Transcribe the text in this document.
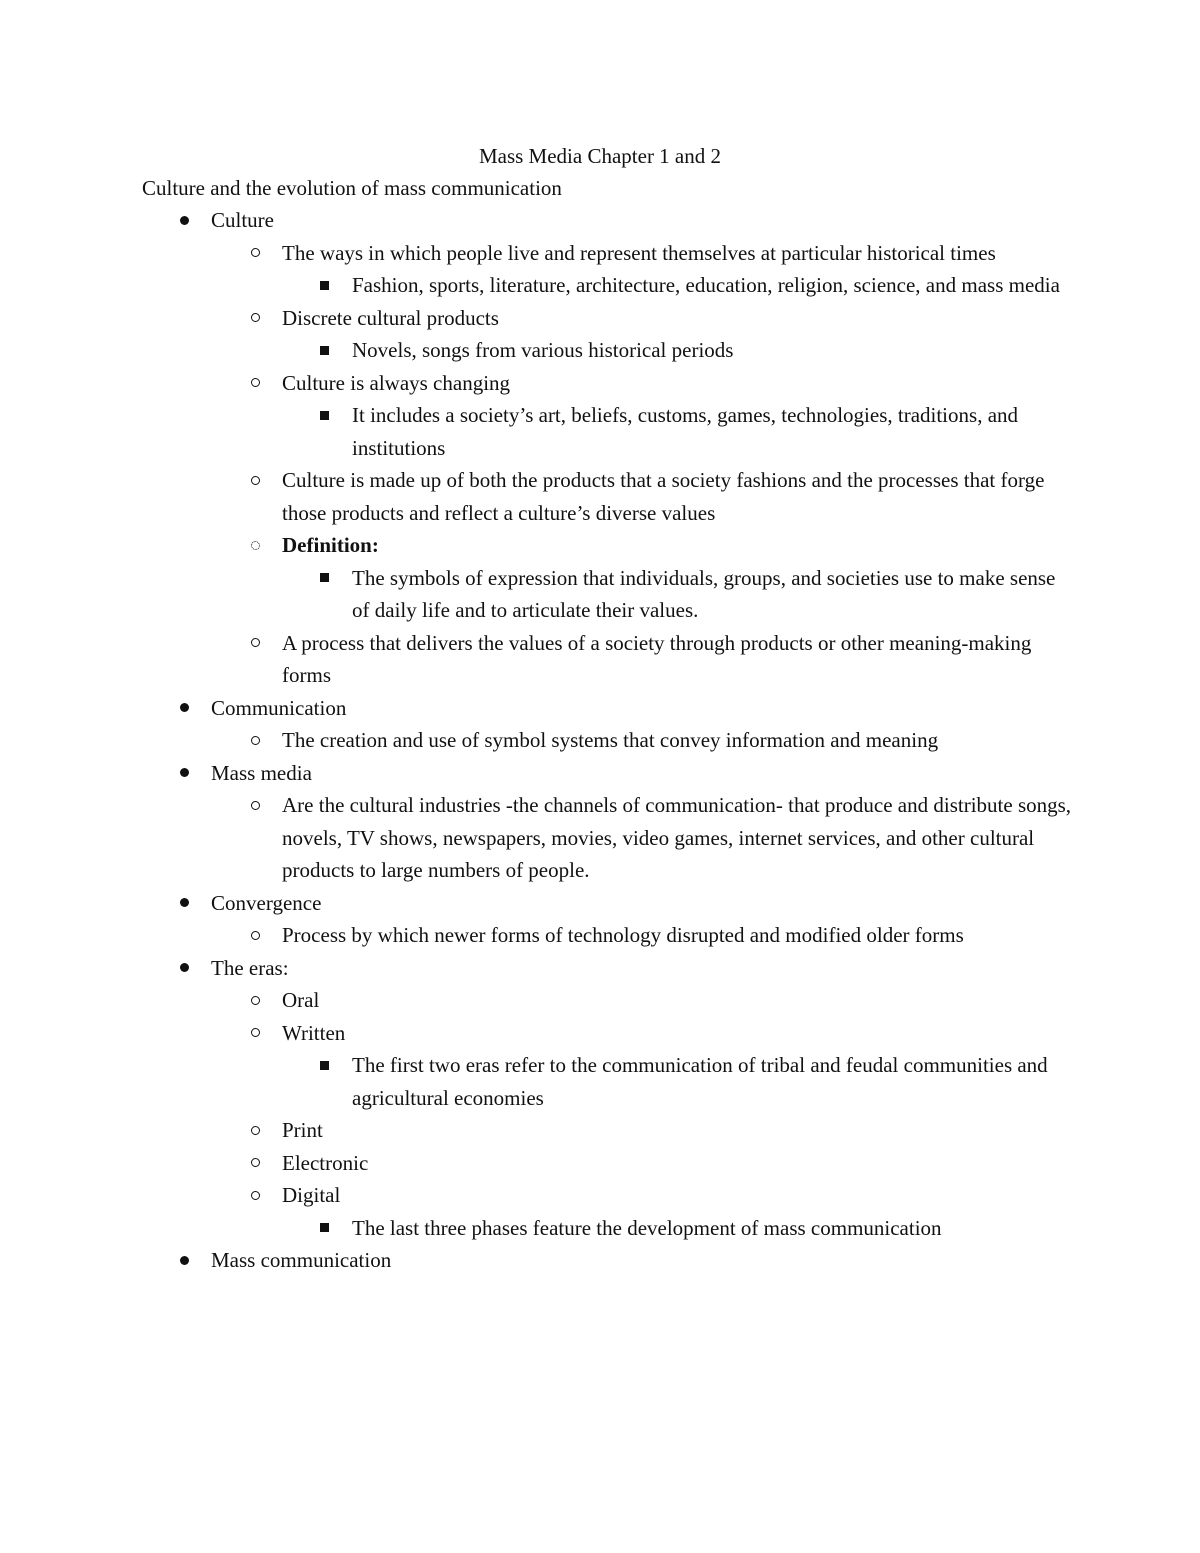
Mass Media Chapter 1 and 2
Culture and the evolution of mass communication
Culture
The ways in which people live and represent themselves at particular historical times
Fashion, sports, literature, architecture, education, religion, science, and mass media
Discrete cultural products
Novels, songs from various historical periods
Culture is always changing
It includes a society’s art, beliefs, customs, games, technologies, traditions, and institutions
Culture is made up of both the products that a society fashions and the processes that forge those products and reflect a culture’s diverse values
Definition:
The symbols of expression that individuals, groups, and societies use to make sense of daily life and to articulate their values.
A process that delivers the values of a society through products or other meaning-making forms
Communication
The creation and use of symbol systems that convey information and meaning
Mass media
Are the cultural industries -the channels of communication- that produce and distribute songs, novels, TV shows, newspapers, movies, video games, internet services, and other cultural products to large numbers of people.
Convergence
Process by which newer forms of technology disrupted and modified older forms
The eras:
Oral
Written
The first two eras refer to the communication of tribal and feudal communities and agricultural economies
Print
Electronic
Digital
The last three phases feature the development of mass communication
Mass communication
